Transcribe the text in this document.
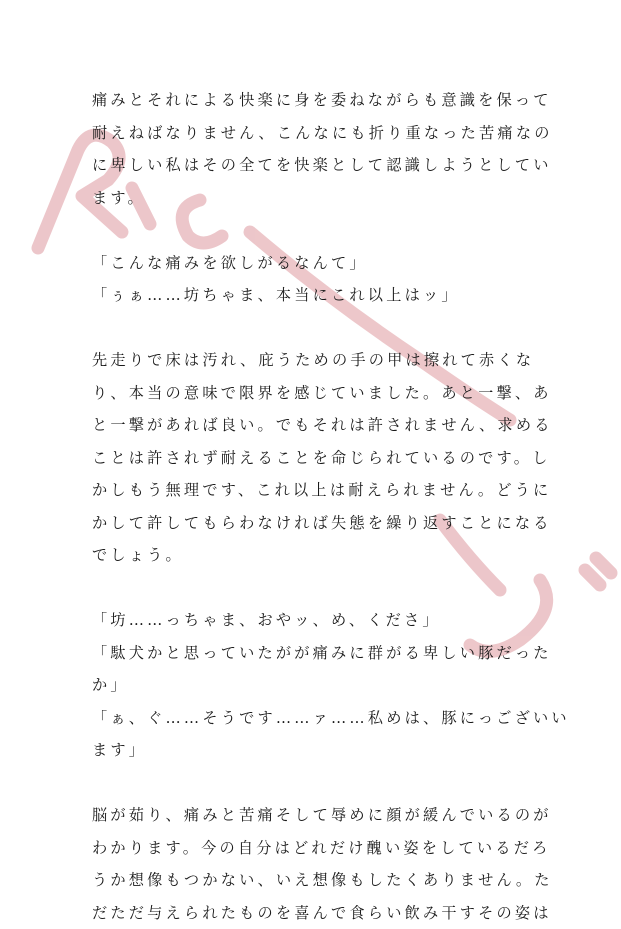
痛みとそれによる快楽に身を委ねながらも意識を保って
耐えねばなりません、こんなにも折り重なった苦痛なの
に卑しい私はその全てを快楽として認識しようとしてい
ます。
「こんな痛みを欲しがるなんて」
「ぅぁ……坊ちゃま、本当にこれ以上はッ」
先走りで床は汚れ、庇うための手の甲は擦れて赤くな
り、本当の意味で限界を感じていました。あと一撃、あ
と一撃があれば良い。でもそれは許されません、求める
ことは許されず耐えることを命じられているのです。し
かしもう無理です、これ以上は耐えられません。どうに
かして許してもらわなければ失態を繰り返すことになる
でしょう。
「坊……っちゃま、おやッ、め、くださ」
「駄犬かと思っていたがが痛みに群がる卑しい豚だった
か」
「ぁ、ぐ……そうです……ァ……私めは、豚にっございい
ます」
脳が茹り、痛みと苦痛そして辱めに顔が緩んでいるのが
わかります。今の自分はどれだけ醜い姿をしているだろ
うか想像もつかない、いえ想像もしたくありません。た
だただ与えられたものを喜んで食らい飲み干すその姿は
